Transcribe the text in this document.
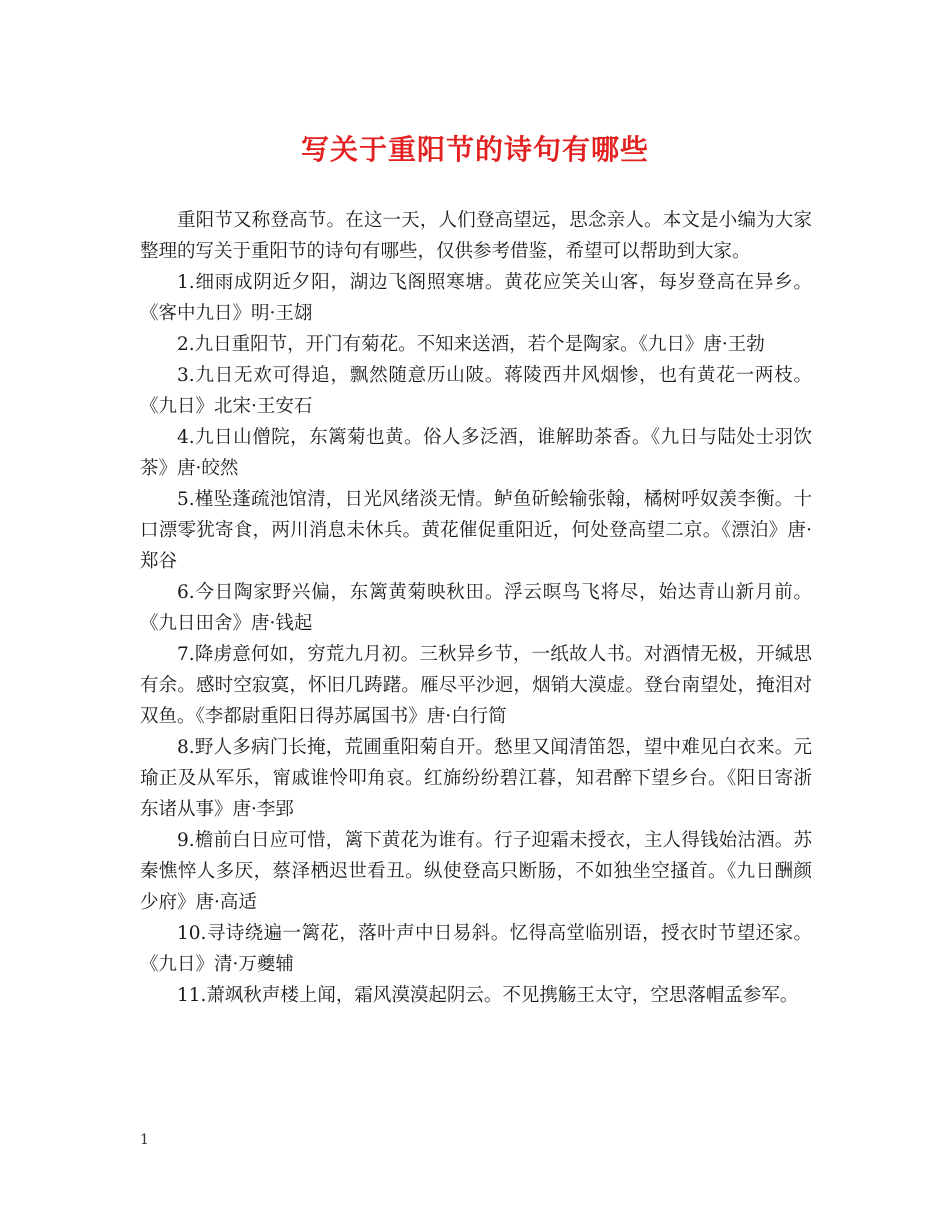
写关于重阳节的诗句有哪些

重阳节又称登高节。在这一天，人们登高望远，思念亲人。本文是小编为大家整理的写关于重阳节的诗句有哪些，仅供参考借鉴，希望可以帮助到大家。

1.细雨成阴近夕阳，湖边飞阁照寒塘。黄花应笑关山客，每岁登高在异乡。《客中九日》明·王翃

2.九日重阳节，开门有菊花。不知来送酒，若个是陶家。《九日》唐·王勃

3.九日无欢可得追，飘然随意历山陂。蒋陵西井风烟惨，也有黄花一两枝。《九日》北宋·王安石

4.九日山僧院，东篱菊也黄。俗人多泛酒，谁解助茶香。《九日与陆处士羽饮茶》唐·皎然

5.槿坠蓬疏池馆清，日光风绪淡无情。鲈鱼斫鲙输张翰，橘树呼奴羡李衡。十口漂零犹寄食，两川消息未休兵。黄花催促重阳近，何处登高望二京。《漂泊》唐·郑谷

6.今日陶家野兴偏，东篱黄菊映秋田。浮云暝鸟飞将尽，始达青山新月前。《九日田舍》唐·钱起

7.降虏意何如，穷荒九月初。三秋异乡节，一纸故人书。对酒情无极，开缄思有余。感时空寂寞，怀旧几踌躇。雁尽平沙迥，烟销大漠虚。登台南望处，掩泪对双鱼。《李都尉重阳日得苏属国书》唐·白行简

8.野人多病门长掩，荒圃重阳菊自开。愁里又闻清笛怨，望中难见白衣来。元瑜正及从军乐，甯戚谁怜叩角哀。红旆纷纷碧江暮，知君醉下望乡台。《阳日寄浙东诸从事》唐·李郢

9.檐前白日应可惜，篱下黄花为谁有。行子迎霜未授衣，主人得钱始沽酒。苏秦憔悴人多厌，蔡泽栖迟世看丑。纵使登高只断肠，不如独坐空搔首。《九日酬颜少府》唐·高适

10.寻诗绕遍一篱花，落叶声中日易斜。忆得高堂临别语，授衣时节望还家。《九日》清·万夔辅

11.萧飒秋声楼上闻，霜风漠漠起阴云。不见携觞王太守，空思落帽孟参军。

1
